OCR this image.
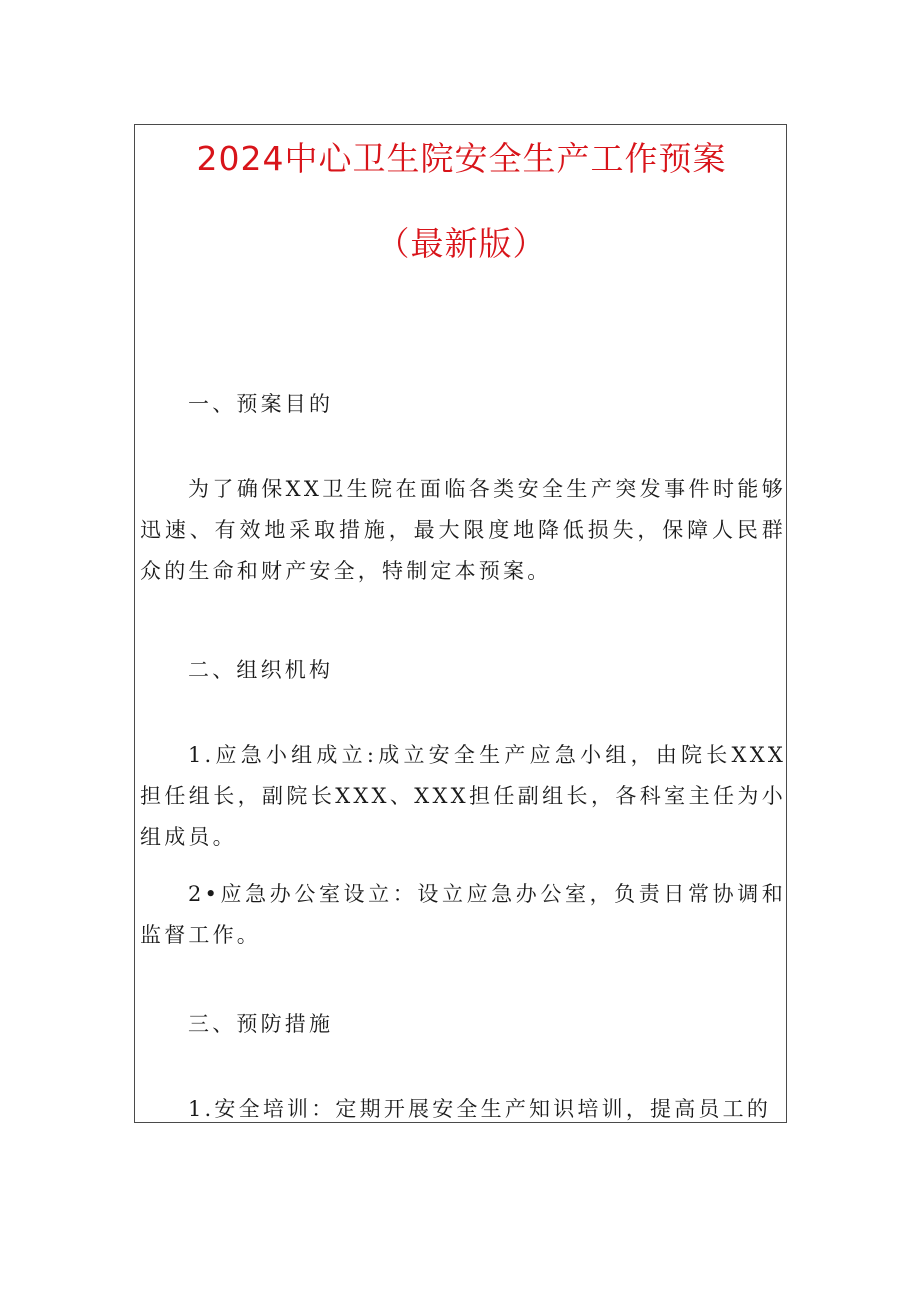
2024中心卫生院安全生产工作预案
（最新版）
一、预案目的
为了确保XX卫生院在面临各类安全生产突发事件时能够迅速、有效地采取措施，最大限度地降低损失，保障人民群众的生命和财产安全，特制定本预案。
二、组织机构
1.应急小组成立:成立安全生产应急小组，由院长XXX担任组长，副院长XXX、XXX担任副组长，各科室主任为小组成员。
2•应急办公室设立：设立应急办公室，负责日常协调和监督工作。
三、预防措施
1.安全培训：定期开展安全生产知识培训，提高员工的
